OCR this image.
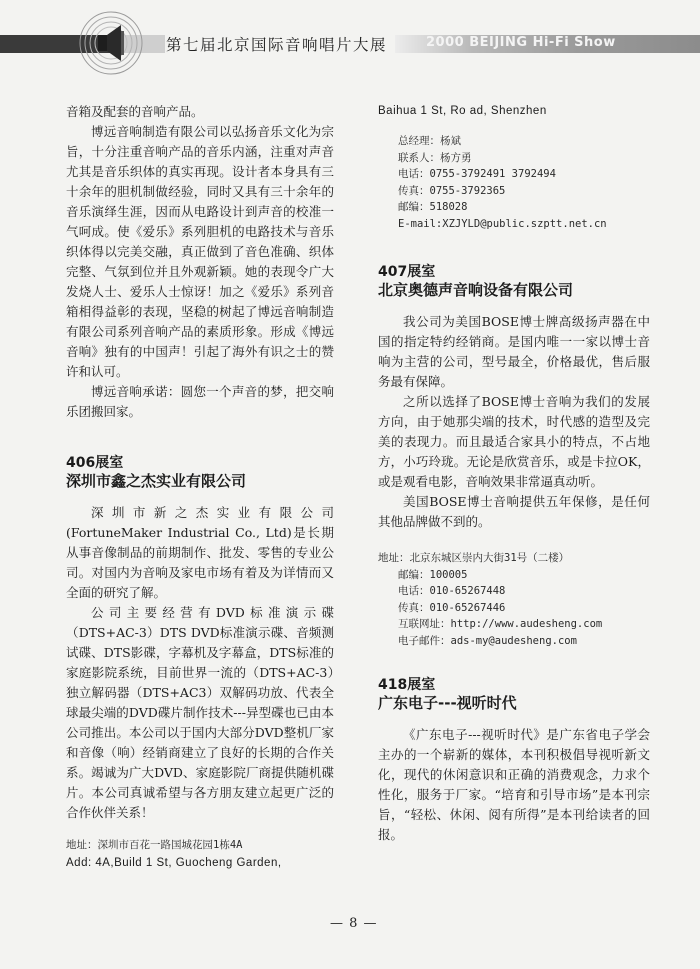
第七届北京国际音响唱片大展	2000 BEIJING Hi-Fi Show

音箱及配套的音响产品。

博远音响制造有限公司以弘扬音乐文化为宗旨，十分注重音响产品的音乐内涵，注重对声音尤其是音乐织体的真实再现。设计者本身具有三十余年的胆机制做经验，同时又具有三十余年的音乐演绎生涯，因而从电路设计到声音的校准一气呵成。使《爱乐》系列胆机的电路技术与音乐织体得以完美交融，真正做到了音色准确、织体完整、气氛到位并且外观新颖。她的表现令广大发烧人士、爱乐人士惊讶！加之《爱乐》系列音箱相得益彰的表现，坚稳的树起了博远音响制造有限公司系列音响产品的素质形象。形成《博远音响》独有的中国声！引起了海外有识之士的赞许和认可。

博远音响承诺：圆您一个声音的梦，把交响乐团搬回家。

406展室
深圳市鑫之杰实业有限公司

深圳市新之杰实业有限公司(FortuneMaker Industrial Co., Ltd)是长期从事音像制品的前期制作、批发、零售的专业公司。对国内为音响及家电市场有着及为详情而又全面的研究了解。

公司主要经营有DVD标准演示碟（DTS+AC-3）DTS DVD标准演示碟、音频测试碟、DTS影碟，字幕机及字幕盒，DTS标准的家庭影院系统，目前世界一流的（DTS+AC-3）独立解码器（DTS+AC3）双解码功放、代表全球最尖端的DVD碟片制作技术---异型碟也已由本公司推出。本公司以于国内大部分DVD整机厂家和音像（响）经销商建立了良好的长期的合作关系。竭诚为广大DVD、家庭影院厂商提供随机碟片。本公司真诚希望与各方朋友建立起更广泛的合作伙伴关系！

地址：深圳市百花一路国城花园1栋4A
Add: 4A,Build 1 St, Guocheng Garden,
Baihua 1 St, Ro ad, Shenzhen
总经理：杨斌
联系人：杨方勇
电话：0755-3792491 3792494
传真：0755-3792365
邮编：518028
E-mail:XZJYLD@public.szptt.net.cn
407展室
北京奥德声音响设备有限公司

我公司为美国BOSE博士牌高级扬声器在中国的指定特约经销商。是国内唯一一家以博士音响为主营的公司，型号最全，价格最优，售后服务最有保障。

之所以选择了BOSE博士音响为我们的发展方向，由于她那尖端的技术，时代感的造型及完美的表现力。而且最适合家具小的特点，不占地方，小巧玲珑。无论是欣赏音乐，或是卡拉OK，或是观看电影，音响效果非常逼真动听。

美国BOSE博士音响提供五年保修，是任何其他品牌做不到的。

地址：北京东城区崇内大街31号（二楼）
邮编：100005
电话：010-65267448
传真：010-65267446
互联网址：http://www.audesheng.com
电子邮件：ads-my@audesheng.com
418展室
广东电子---视听时代

《广东电子---视听时代》是广东省电子学会主办的一个崭新的媒体，本刊积极倡导视听新文化，现代的休闲意识和正确的消费观念，力求个性化，服务于厂家。“培育和引导市场”是本刊宗旨，“轻松、休闲、阅有所得”是本刊给读者的回报。

— 8 —
